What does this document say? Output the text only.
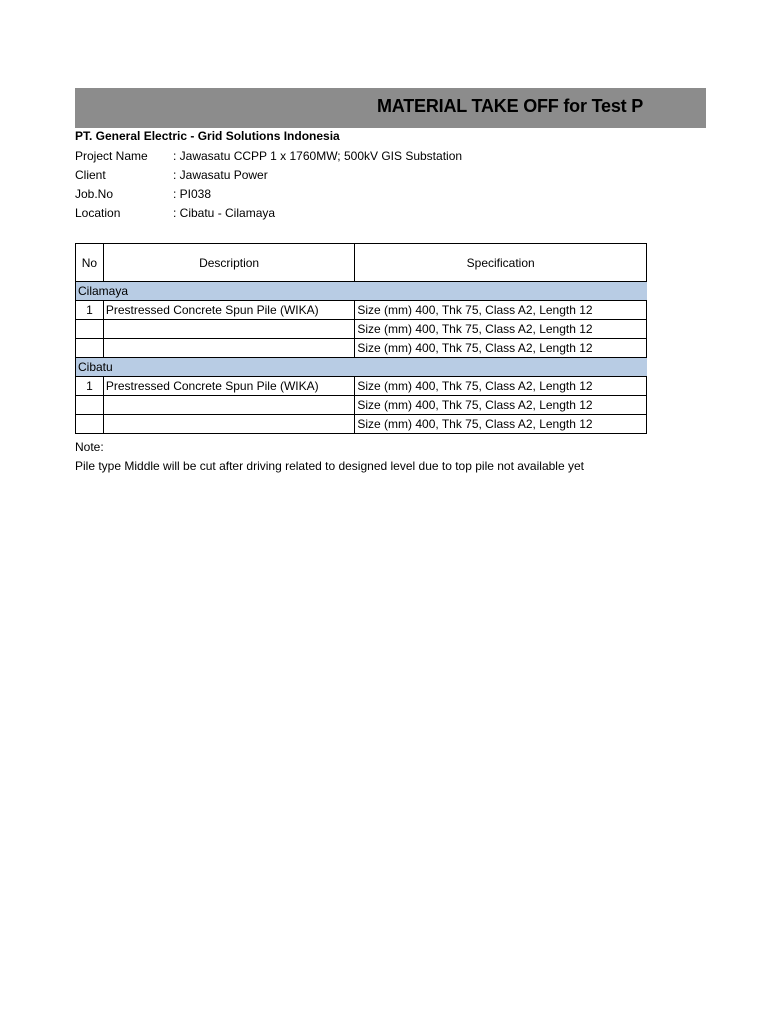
MATERIAL TAKE OFF for Test P
PT. General Electric - Grid Solutions Indonesia
Project Name : Jawasatu CCPP 1 x 1760MW; 500kV GIS Substation
Client	: Jawasatu Power
Job.No	: PI038
Location	: Cibatu - Cilamaya
No	Description	Specification
Cilamaya		
1	Prestressed Concrete Spun Pile (WIKA)	Size (mm) 400, Thk 75, Class A2, Length 12
		Size (mm) 400, Thk 75, Class A2, Length 12
		Size (mm) 400, Thk 75, Class A2, Length 12
Cibatu		
1	Prestressed Concrete Spun Pile (WIKA)	Size (mm) 400, Thk 75, Class A2, Length 12
		Size (mm) 400, Thk 75, Class A2, Length 12
		Size (mm) 400, Thk 75, Class A2, Length 12
Note:
Pile type Middle will be cut after driving related to designed level due to top pile not available yet
